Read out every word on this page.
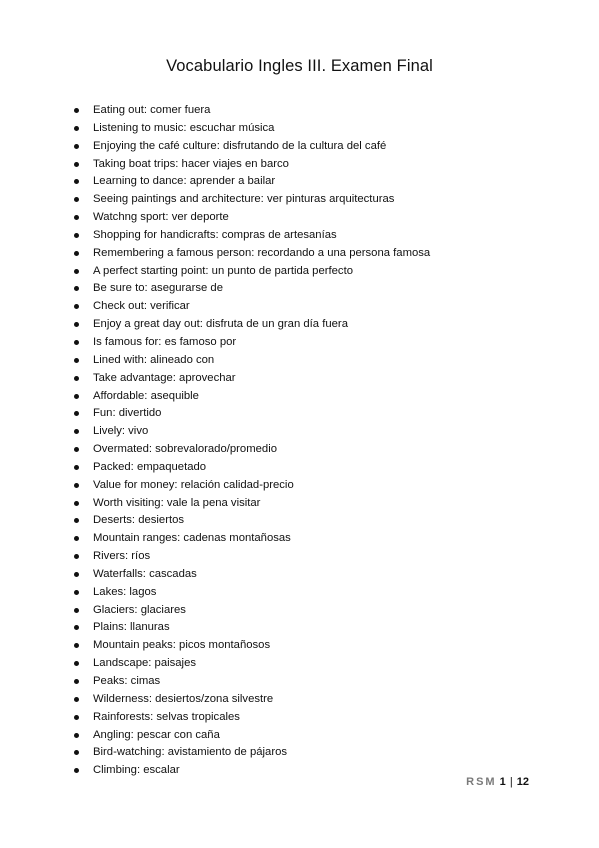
Vocabulario Ingles III. Examen Final
Eating out: comer fuera
Listening to music: escuchar música
Enjoying the café culture: disfrutando de la cultura del café
Taking boat trips: hacer viajes en barco
Learning to dance: aprender a bailar
Seeing paintings and architecture: ver pinturas arquitecturas
Watchng sport: ver deporte
Shopping for handicrafts: compras de artesanías
Remembering a famous person: recordando a una persona famosa
A perfect starting point: un punto de partida perfecto
Be sure to: asegurarse de
Check out: verificar
Enjoy a great day out: disfruta de un gran día fuera
Is famous for: es famoso por
Lined with: alineado con
Take advantage: aprovechar
Affordable: asequible
Fun: divertido
Lively: vivo
Overmated: sobrevalorado/promedio
Packed: empaquetado
Value for money: relación calidad-precio
Worth visiting: vale la pena visitar
Deserts: desiertos
Mountain ranges: cadenas montañosas
Rivers: ríos
Waterfalls: cascadas
Lakes: lagos
Glaciers: glaciares
Plains: llanuras
Mountain peaks: picos montañosos
Landscape: paisajes
Peaks: cimas
Wilderness: desiertos/zona silvestre
Rainforests: selvas tropicales
Angling: pescar con caña
Bird-watching: avistamiento de pájaros
Climbing: escalar
RSM 1 | 12
